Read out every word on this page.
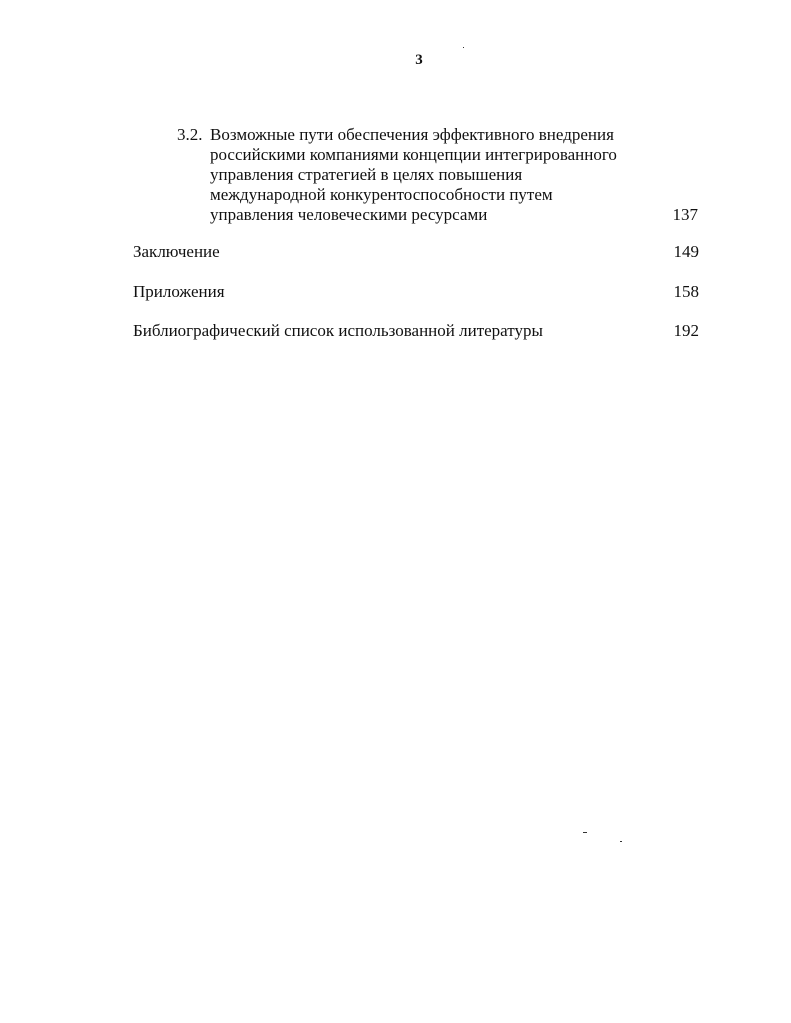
3
3.2. Возможные пути обеспечения эффективного внедрения
российскими компаниями концепции интегрированного
управления стратегией в целях повышения
международной конкурентоспособности путем
управления человеческими ресурсами	137
Заключение	149
Приложения	158
Библиографический список использованной литературы	192
